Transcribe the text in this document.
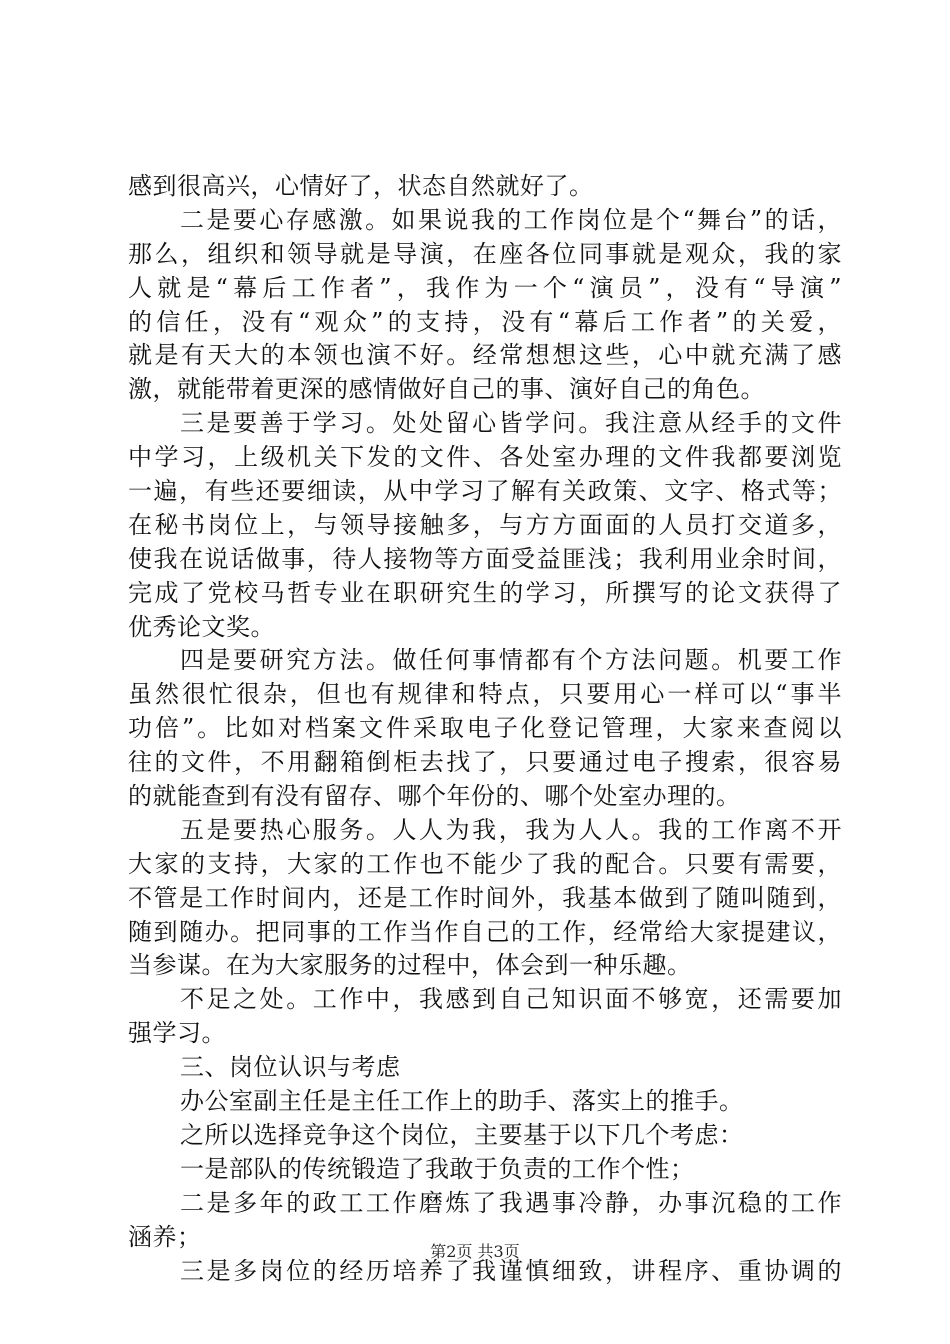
感到很高兴，心情好了，状态自然就好了。
二是要心存感激。如果说我的工作岗位是个“舞台”的话，
那么，组织和领导就是导演，在座各位同事就是观众，我的家
人就是“幕后工作者”，我作为一个“演员”，没有“导演”
的信任，没有“观众”的支持，没有“幕后工作者”的关爱，
就是有天大的本领也演不好。经常想想这些，心中就充满了感
激，就能带着更深的感情做好自己的事、演好自己的角色。
三是要善于学习。处处留心皆学问。我注意从经手的文件
中学习，上级机关下发的文件、各处室办理的文件我都要浏览
一遍，有些还要细读，从中学习了解有关政策、文字、格式等；
在秘书岗位上，与领导接触多，与方方面面的人员打交道多，
使我在说话做事，待人接物等方面受益匪浅；我利用业余时间，
完成了党校马哲专业在职研究生的学习，所撰写的论文获得了
优秀论文奖。
四是要研究方法。做任何事情都有个方法问题。机要工作
虽然很忙很杂，但也有规律和特点，只要用心一样可以“事半
功倍”。比如对档案文件采取电子化登记管理，大家来查阅以
往的文件，不用翻箱倒柜去找了，只要通过电子搜索，很容易
的就能查到有没有留存、哪个年份的、哪个处室办理的。
五是要热心服务。人人为我，我为人人。我的工作离不开
大家的支持，大家的工作也不能少了我的配合。只要有需要，
不管是工作时间内，还是工作时间外，我基本做到了随叫随到，
随到随办。把同事的工作当作自己的工作，经常给大家提建议，
当参谋。在为大家服务的过程中，体会到一种乐趣。
不足之处。工作中，我感到自己知识面不够宽，还需要加
强学习。
三、岗位认识与考虑
办公室副主任是主任工作上的助手、落实上的推手。
之所以选择竞争这个岗位，主要基于以下几个考虑：
一是部队的传统锻造了我敢于负责的工作个性；
二是多年的政工工作磨炼了我遇事冷静，办事沉稳的工作
涵养；
三是多岗位的经历培养了我谨慎细致，讲程序、重协调的
第2页 共3页
